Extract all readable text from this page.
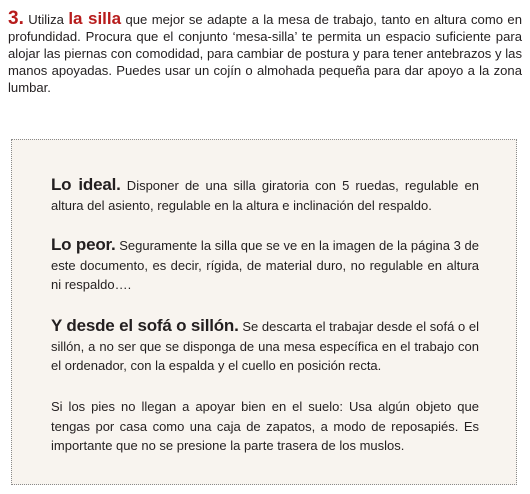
3. Utiliza la silla que mejor se adapte a la mesa de trabajo, tanto en altura como en profundidad. Procura que el conjunto ‘mesa-silla’ te permita un espacio suficiente para alojar las piernas con comodidad, para cambiar de postura y para tener antebrazos y las manos apoyadas. Puedes usar un cojín o almohada pequeña para dar apoyo a la zona lumbar.
Lo ideal. Disponer de una silla giratoria con 5 ruedas, regulable en altura del asiento, regulable en la altura e inclinación del respaldo.
Lo peor. Seguramente la silla que se ve en la imagen de la página 3 de este documento, es decir, rígida, de material duro, no regulable en altura ni respaldo….
Y desde el sofá o sillón. Se descarta el trabajar desde el sofá o el sillón, a no ser que se disponga de una mesa específica en el trabajo con el ordenador, con la espalda y el cuello en posición recta.
Si los pies no llegan a apoyar bien en el suelo: Usa algún objeto que tengas por casa como una caja de zapatos, a modo de reposapiés. Es importante que no se presione la parte trasera de los muslos.
